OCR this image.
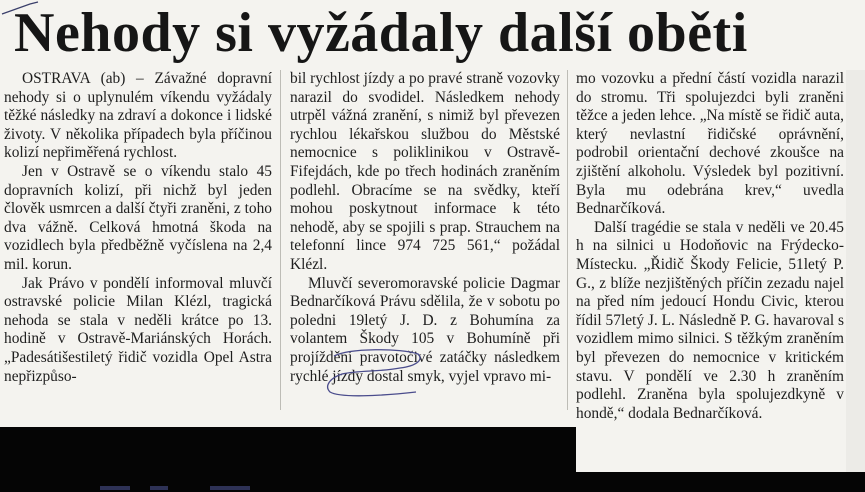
Nehody si vyžádaly další oběti

OSTRAVA (ab) – Závažné dopravní nehody si o uplynulém víkendu vyžádaly těžké následky na zdraví a dokonce i lidské životy. V několika případech byla příčinou kolizí nepřiměřená rychlost.

Jen v Ostravě se o víkendu stalo 45 dopravních kolizí, při nichž byl jeden člověk usmrcen a další čtyři zraněni, z toho dva vážně. Celková hmotná škoda na vozidlech byla předběžně vyčíslena na 2,4 mil. korun.

Jak Právo v pondělí informoval mluvčí ostravské policie Milan Klézl, tragická nehoda se stala v neděli krátce po 13. hodině v Ostravě-Mariánských Horách. „Padesátišestiletý řidič vozidla Opel Astra nepřizpůso-

bil rychlost jízdy a po pravé straně vozovky narazil do svodidel. Následkem nehody utrpěl vážná zranění, s nimiž byl převezen rychlou lékařskou službou do Městské nemocnice s poliklinikou v Ostravě-Fifejdách, kde po třech hodinách zraněním podlehl. Obracíme se na svědky, kteří mohou poskytnout informace k této nehodě, aby se spojili s prap. Strauchem na telefonní lince 974 725 561,“ požádal Klézl.

Mluvčí severomoravské policie Dagmar Bednarčíková Právu sdělila, že v sobotu po poledni 19letý J. D. z Bohumína za volantem Škody 105 v Bohumíně při projíždění pravotočivé zatáčky následkem rychlé jízdy dostal smyk, vyjel vpravo mi-

mo vozovku a přední částí vozidla narazil do stromu. Tři spolujezdci byli zraněni těžce a jeden lehce. „Na místě se řidič auta, který nevlastní řidičské oprávnění, podrobil orientační dechové zkoušce na zjištění alkoholu. Výsledek byl pozitivní. Byla mu odebrána krev,“ uvedla Bednarčíková.

Další tragédie se stala v neděli ve 20.45 h na silnici u Hodoňovic na Frýdecko-Místecku. „Řidič Škody Felicie, 51letý P. G., z blíže nezjištěných příčin zezadu najel na před ním jedoucí Hondu Civic, kterou řídil 57letý J. L. Následně P. G. havaroval s vozidlem mimo silnici. S těžkým zraněním byl převezen do nemocnice v kritickém stavu. V pondělí ve 2.30 h zraněním podlehl. Zraněna byla spolujezdkyně v hondě,“ dodala Bednarčíková.
